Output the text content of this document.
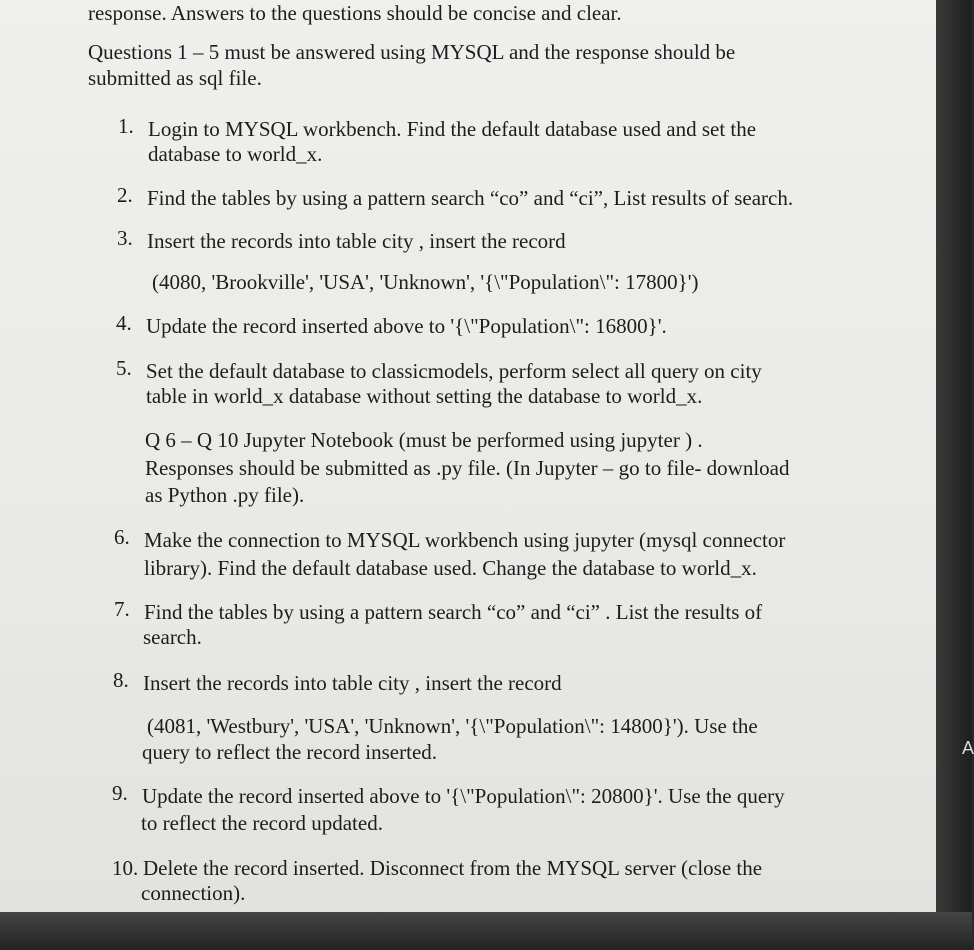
response. Answers to the questions should be concise and clear.
Questions 1 – 5 must be answered using MYSQL and the response should be
submitted as sql file.
1. Login to MYSQL workbench. Find the default database used and set the
database to world_x.
2. Find the tables by using a pattern search “co” and “ci”, List results of search.
3. Insert the records into table city , insert the record
(4080, 'Brookville', 'USA', 'Unknown', '{\"Population\": 17800}')
4. Update the record inserted above to '{\"Population\": 16800}'.
5. Set the default database to classicmodels, perform select all query on city
table in world_x database without setting the database to world_x.
Q 6 – Q 10 Jupyter Notebook (must be performed using jupyter ) .
Responses should be submitted as .py file. (In Jupyter – go to file- download
as Python .py file).
6. Make the connection to MYSQL workbench using jupyter (mysql connector
library). Find the default database used. Change the database to world_x.
7. Find the tables by using a pattern search “co” and “ci” . List the results of
search.
8. Insert the records into table city , insert the record
(4081, 'Westbury', 'USA', 'Unknown', '{\"Population\": 14800}'). Use the
query to reflect the record inserted.
9. Update the record inserted above to '{\"Population\": 20800}'. Use the query
to reflect the record updated.
10. Delete the record inserted. Disconnect from the MYSQL server (close the
connection).
A
